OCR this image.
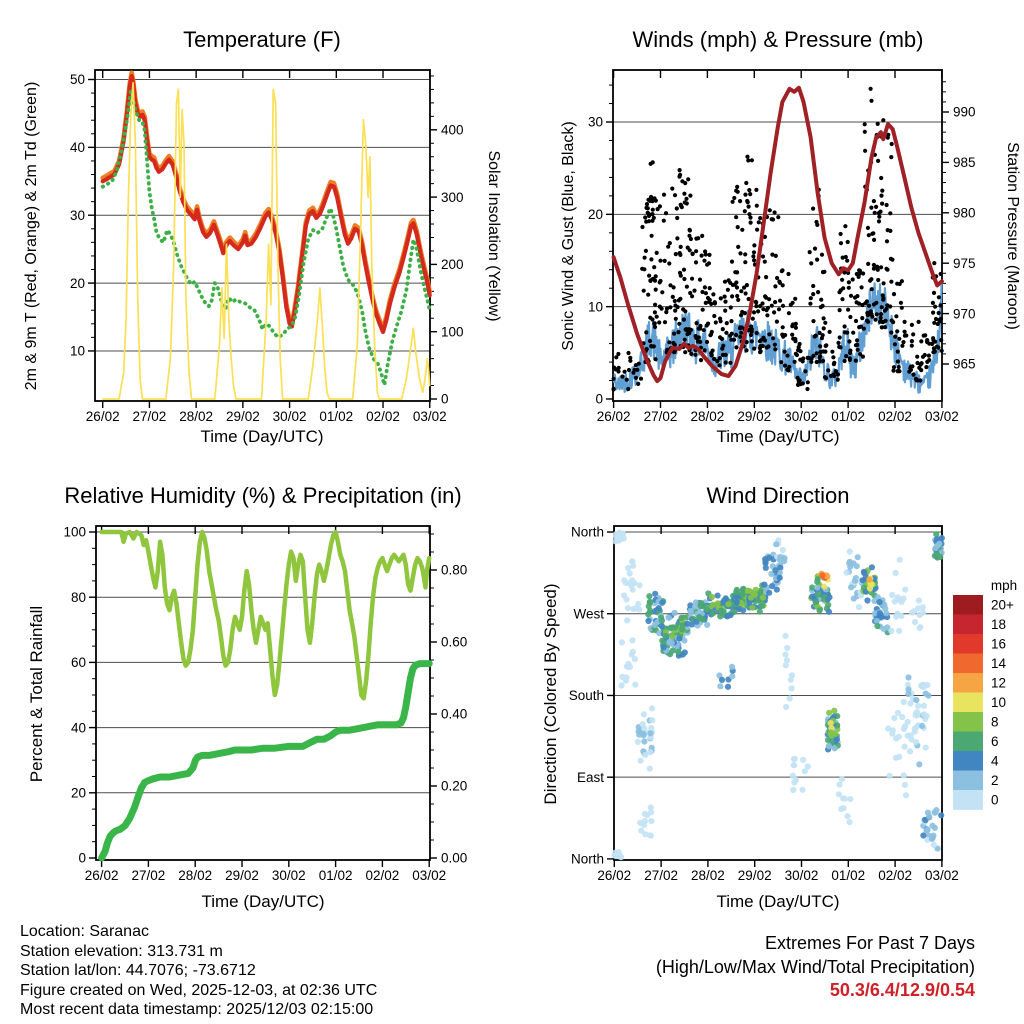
50
40
30
20
10
400
300
200
100
0
26/02 27/02 28/02 29/02 30/02 01/02 02/02 03/02
30
20
10
0
990
985
980
975
970
965
26/02 27/02 28/02 29/02 30/02 01/02 02/02 03/02
100
80
60
40
20
0
0.80
0.60
0.40
0.20
0.00
26/02 27/02 28/02 29/02 30/02 01/02 02/02 03/02
North
West
South
East
North
26/02 27/02 28/02 29/02 30/02 01/02 02/02 03/02
20+
18
16
14
12
10
8
6
4
2
0
Temperature (F)	Winds (mph) & Pressure (mb)
Relative Humidity (%) & Precipitation (in)	Wind Direction
Time (Day/UTC)	Time (Day/UTC)
Time (Day/UTC)	Time (Day/UTC)
2m & 9m T (Red, Orange) & 2m Td (Green)	Solar Insolation (Yellow)	Sonic Wind & Gust (Blue, Black)	Station Pressure (Maroon)
Percent & Total Rainfall	Direction (Colored By Speed)	mph
Location: Saranac
Station elevation: 313.731 m
Station lat/lon: 44.7076; -73.6712
Figure created on Wed, 2025-12-03, at 02:36 UTC
Most recent data timestamp: 2025/12/03 02:15:00
Extremes For Past 7 Days
(High/Low/Max Wind/Total Precipitation)
50.3/6.4/12.9/0.54
